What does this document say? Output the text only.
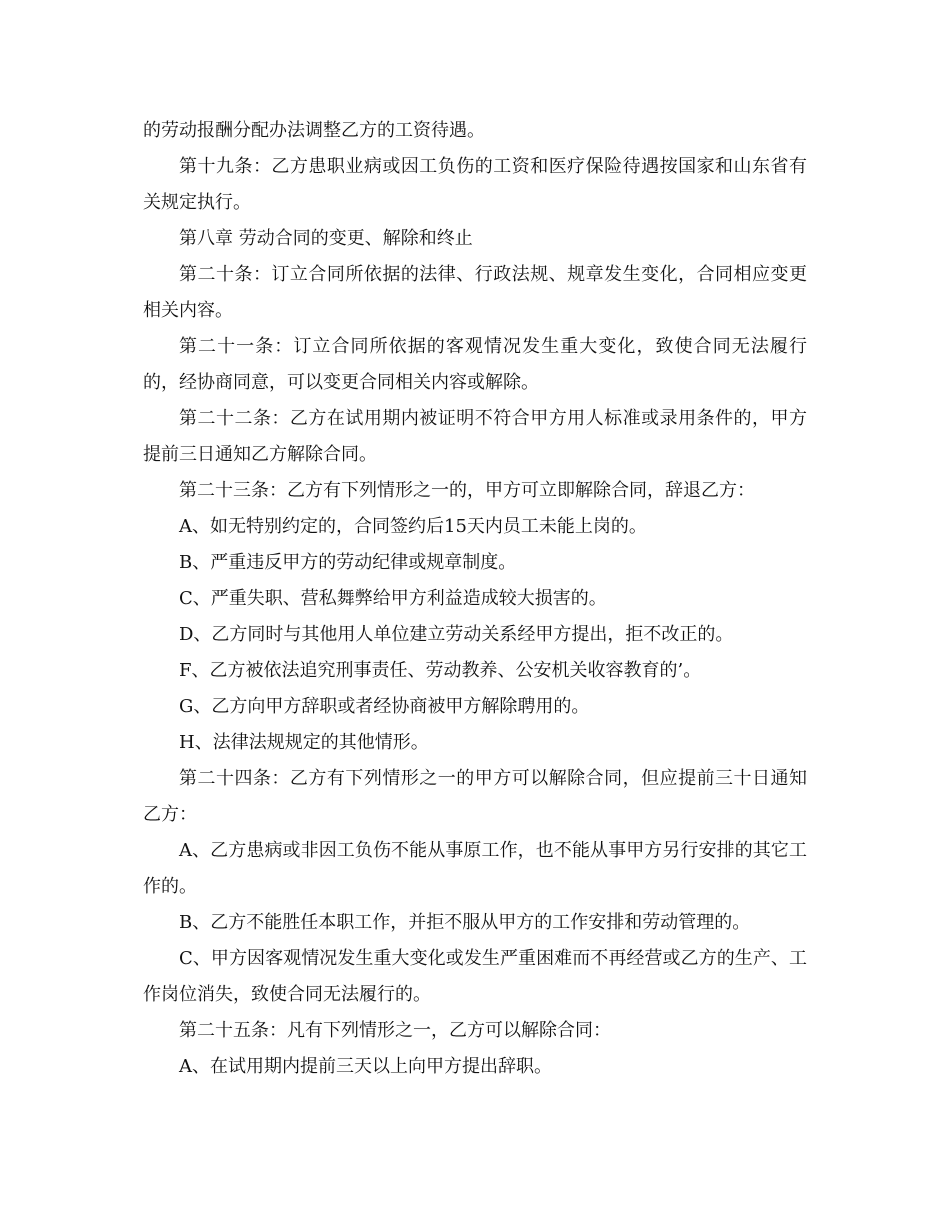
的劳动报酬分配办法调整乙方的工资待遇。

第十九条：乙方患职业病或因工负伤的工资和医疗保险待遇按国家和山东省有关规定执行。

第八章 劳动合同的变更、解除和终止

第二十条：订立合同所依据的法律、行政法规、规章发生变化，合同相应变更相关内容。

第二十一条：订立合同所依据的客观情况发生重大变化，致使合同无法履行的，经协商同意，可以变更合同相关内容或解除。

第二十二条：乙方在试用期内被证明不符合甲方用人标准或录用条件的，甲方提前三日通知乙方解除合同。

第二十三条：乙方有下列情形之一的，甲方可立即解除合同，辞退乙方：

A、如无特别约定的，合同签约后15天内员工未能上岗的。

B、严重违反甲方的劳动纪律或规章制度。

C、严重失职、营私舞弊给甲方利益造成较大损害的。

D、乙方同时与其他用人单位建立劳动关系经甲方提出，拒不改正的。

F、乙方被依法追究刑事责任、劳动教养、公安机关收容教育的’。

G、乙方向甲方辞职或者经协商被甲方解除聘用的。

H、法律法规规定的其他情形。

第二十四条：乙方有下列情形之一的甲方可以解除合同，但应提前三十日通知乙方：

A、乙方患病或非因工负伤不能从事原工作，也不能从事甲方另行安排的其它工作的。

B、乙方不能胜任本职工作，并拒不服从甲方的工作安排和劳动管理的。

C、甲方因客观情况发生重大变化或发生严重困难而不再经营或乙方的生产、工作岗位消失，致使合同无法履行的。

第二十五条：凡有下列情形之一，乙方可以解除合同：

A、在试用期内提前三天以上向甲方提出辞职。
